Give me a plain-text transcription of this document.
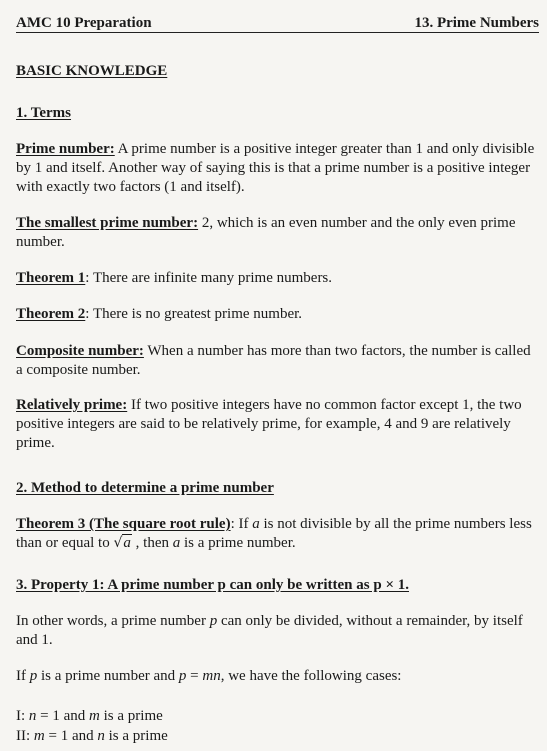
AMC 10 Preparation	13. Prime Numbers
BASIC KNOWLEDGE
1. Terms
Prime number: A prime number is a positive integer greater than 1 and only divisible by 1 and itself. Another way of saying this is that a prime number is a positive integer with exactly two factors (1 and itself).
The smallest prime number: 2, which is an even number and the only even prime number.
Theorem 1: There are infinite many prime numbers.
Theorem 2: There is no greatest prime number.
Composite number: When a number has more than two factors, the number is called a composite number.
Relatively prime: If two positive integers have no common factor except 1, the two positive integers are said to be relatively prime, for example, 4 and 9 are relatively prime.
2. Method to determine a prime number
Theorem 3 (The square root rule): If a is not divisible by all the prime numbers less than or equal to √a , then a is a prime number.
3. Property 1: A prime number p can only be written as p × 1.
In other words, a prime number p can only be divided, without a remainder, by itself and 1.
If p is a prime number and p = mn, we have the following cases:
I: n = 1 and m is a prime
II: m = 1 and n is a prime
